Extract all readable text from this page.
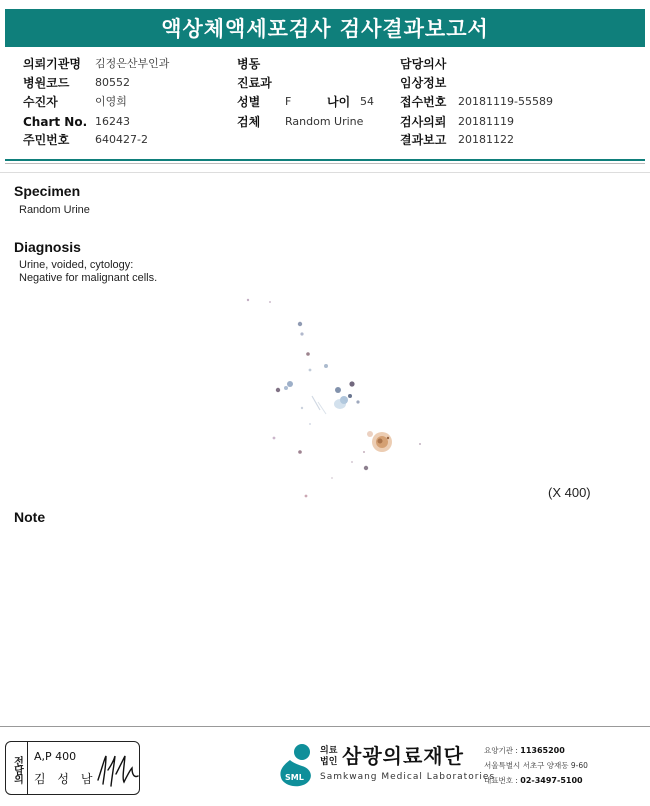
액상체액세포검사 검사결과보고서
의뢰기관명 김정은산부인과
병원코드 80552
수진자	이영희
Chart No. 16243
주민번호 640427-2
병동
진료과
성별 F	나이 54
검체 Random Urine
담당의사
임상정보
접수번호 20181119-55589
검사의뢰 20181119
결과보고 20181122
Specimen
Random Urine
Diagnosis
Urine, voided, cytology:
Negative for malignant cells.
(X 400)
Note
전담의	A,P 400
김 성 남	SML
의료법인 삼광의료재단
Samkwang Medical Laboratories
요양기관 : 11365200
서울특별시 서초구 양재동 9-60
대표번호 : 02-3497-5100
